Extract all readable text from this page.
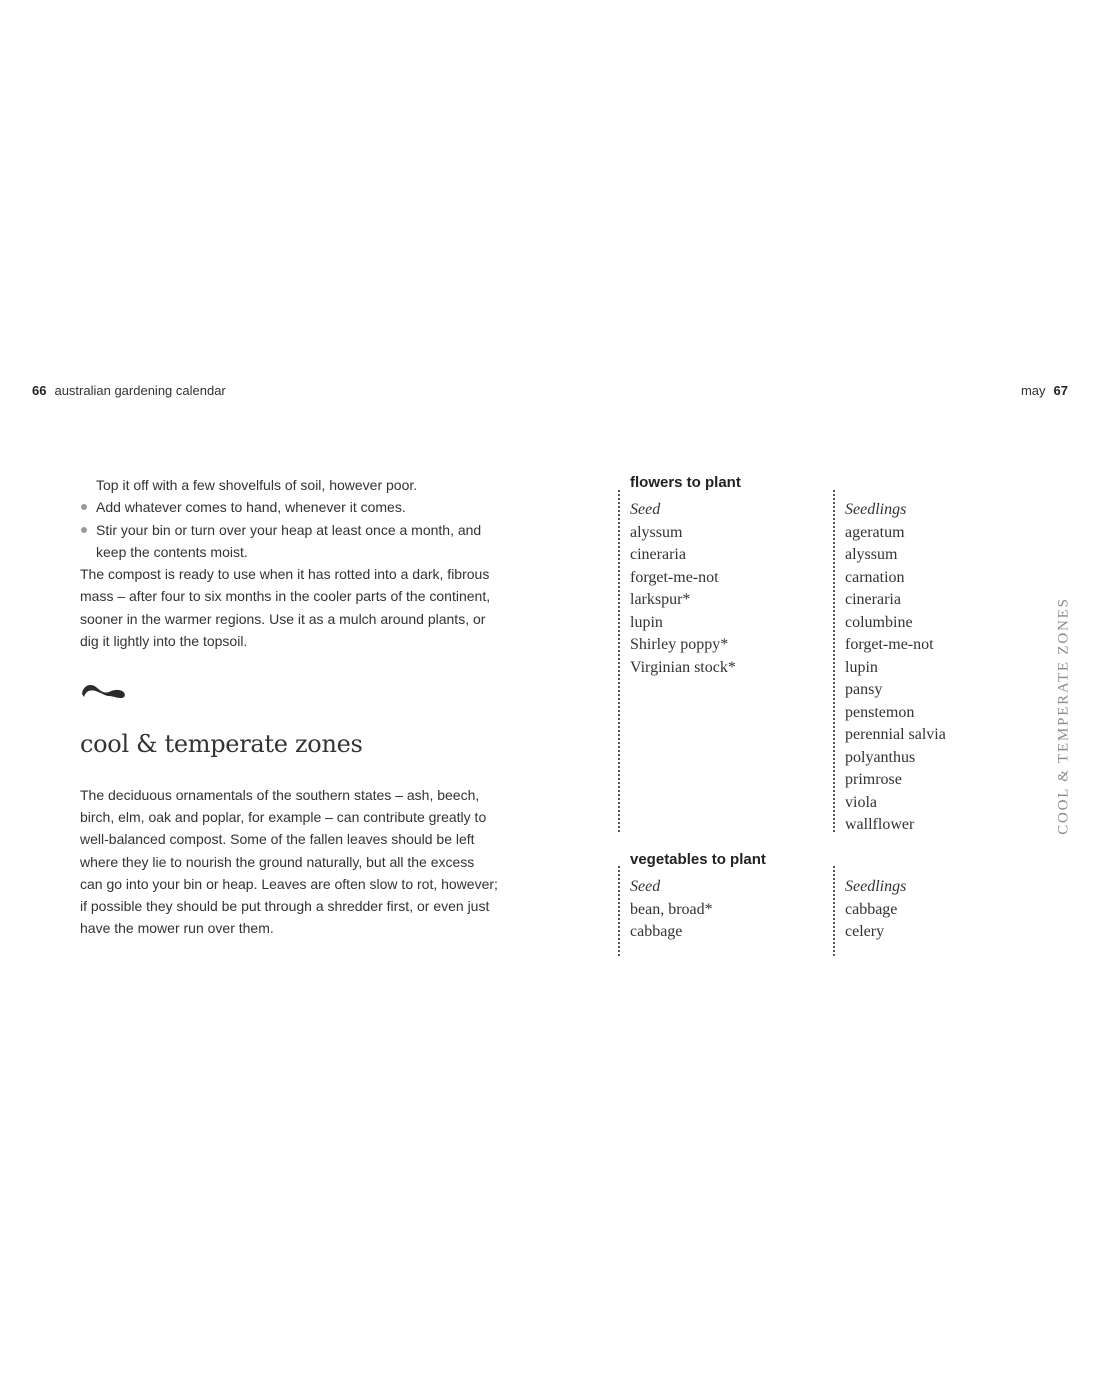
66 australian gardening calendar	may 67

Top it off with a few shovelfuls of soil, however poor.

Add whatever comes to hand, whenever it comes.

Stir your bin or turn over your heap at least once a month, and keep the contents moist.

The compost is ready to use when it has rotted into a dark, fibrous mass – after four to six months in the cooler parts of the continent, sooner in the warmer regions. Use it as a mulch around plants, or dig it lightly into the topsoil.

cool & temperate zones

The deciduous ornamentals of the southern states – ash, beech, birch, elm, oak and poplar, for example – can contribute greatly to well-balanced compost. Some of the fallen leaves should be left where they lie to nourish the ground naturally, but all the excess can go into your bin or heap. Leaves are often slow to rot, however; if possible they should be put through a shredder first, or even just have the mower run over them.

flowers to plant
Seed
alyssum
cineraria
forget-me-not
larkspur*
lupin
Shirley poppy*
Virginian stock*
Seedlings
ageratum
alyssum
carnation
cineraria
columbine
forget-me-not
lupin
pansy
penstemon
perennial salvia
polyanthus
primrose
viola
wallflower
vegetables to plant
Seed
bean, broad*
cabbage
Seedlings
cabbage
celery
COOL & TEMPERATE ZONES
